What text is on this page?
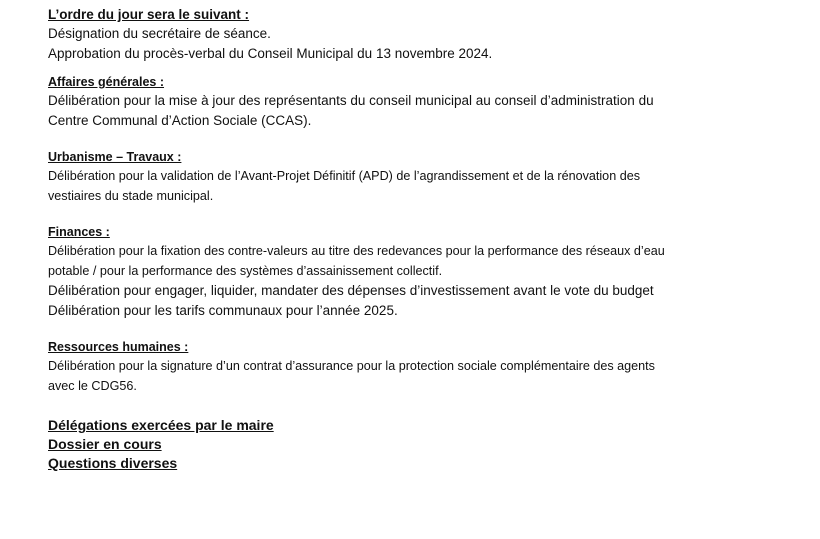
L’ordre du jour sera le suivant :

Désignation du secrétaire de séance.

Approbation du procès-verbal du Conseil Municipal du 13 novembre 2024.

Affaires générales :

Délibération pour la mise à jour des représentants du conseil municipal au conseil d’administration du

Centre Communal d’Action Sociale (CCAS).

Urbanisme – Travaux :

Délibération pour la validation de l’Avant-Projet Définitif (APD) de l’agrandissement et de la rénovation des

vestiaires du stade municipal.

Finances :

Délibération pour la fixation des contre-valeurs au titre des redevances pour la performance des réseaux d’eau

potable / pour la performance des systèmes d’assainissement collectif.

Délibération pour engager, liquider, mandater des dépenses d’investissement avant le vote du budget

Délibération pour les tarifs communaux pour l’année 2025.

Ressources humaines :

Délibération pour la signature d’un contrat d’assurance pour la protection sociale complémentaire des agents

avec le CDG56.

Délégations exercées par le maire

Dossier en cours

Questions diverses
